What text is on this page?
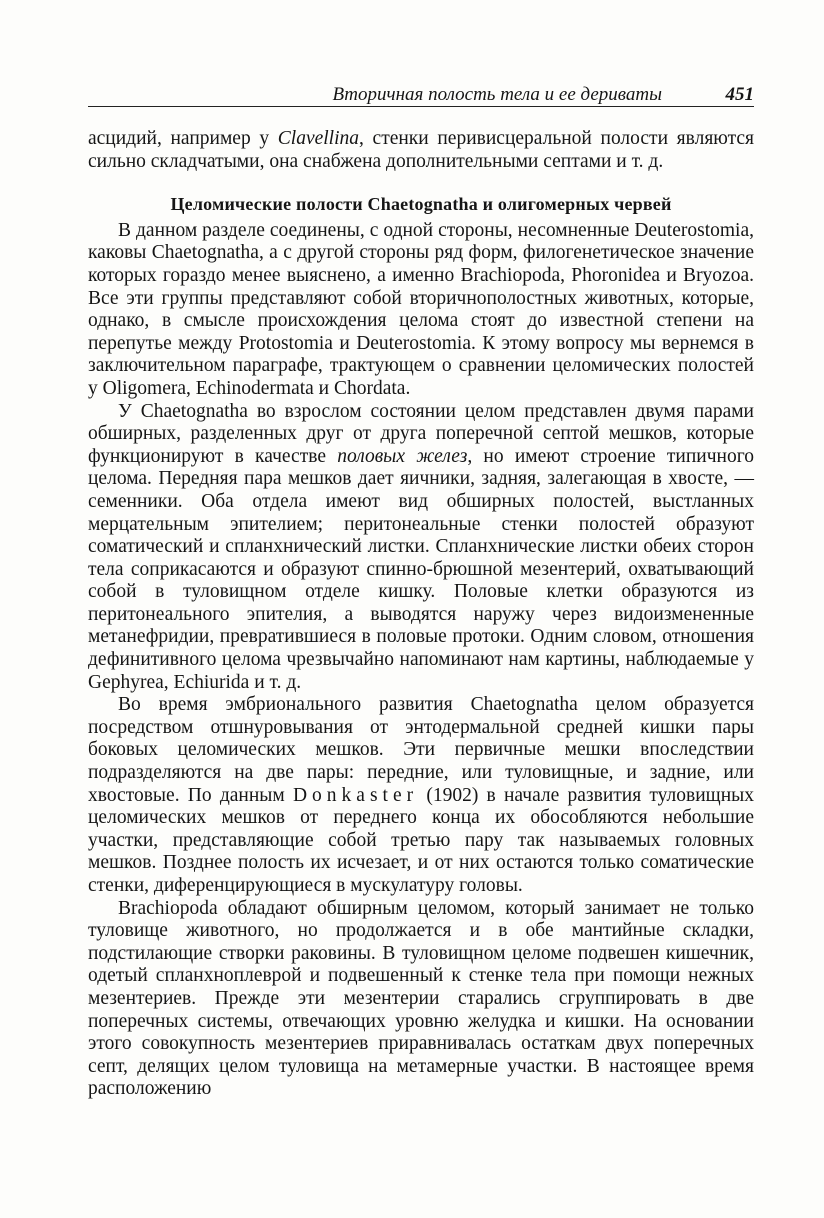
Вторичная полость тела и ее дериваты	451

асцидий, например у Clavellina, стенки перивисцеральной полости являются сильно складчатыми, она снабжена дополнительными септами и т. д.

Целомические полости Chaetognatha и олигомерных червей

В данном разделе соединены, с одной стороны, несомненные Deuterostomia, каковы Chaetognatha, а с другой стороны ряд форм, филогенетическое значение которых гораздо менее выяснено, а именно Brachiopoda, Phoronidea и Bryozoa. Все эти группы представляют собой вторичнополостных животных, которые, однако, в смысле происхождения целома стоят до известной степени на перепутье между Protostomia и Deuterostomia. К этому вопросу мы вернемся в заключительном параграфе, трактующем о сравнении целомических полостей у Oligomera, Echinodermata и Chordata.

У Chaetognatha во взрослом состоянии целом представлен двумя парами обширных, разделенных друг от друга поперечной септой мешков, которые функционируют в качестве половых желез, но имеют строение типичного целома. Передняя пара мешков дает яичники, задняя, залегающая в хвосте, — семенники. Оба отдела имеют вид обширных полостей, выстланных мерцательным эпителием; перитонеальные стенки полостей образуют соматический и спланхнический листки. Спланхнические листки обеих сторон тела соприкасаются и образуют спинно-брюшной мезентерий, охватывающий собой в туловищном отделе кишку. Половые клетки образуются из перитонеального эпителия, а выводятся наружу через видоизмененные метанефридии, превратившиеся в половые протоки. Одним словом, отношения дефинитивного целома чрезвычайно напоминают нам картины, наблюдаемые у Gephyrea, Echiurida и т. д.

Во время эмбрионального развития Chaetognatha целом образуется посредством отшнуровывания от энтодермальной средней кишки пары боковых целомических мешков. Эти первичные мешки впоследствии подразделяются на две пары: передние, или туловищные, и задние, или хвостовые. По данным Donkaster (1902) в начале развития туловищных целомических мешков от переднего конца их обособляются небольшие участки, представляющие собой третью пару так называемых головных мешков. Позднее полость их исчезает, и от них остаются только соматические стенки, диференцирующиеся в мускулатуру головы.

Brachiopoda обладают обширным целомом, который занимает не только туловище животного, но продолжается и в обе мантийные складки, подстилающие створки раковины. В туловищном целоме подвешен кишечник, одетый спланхноплеврой и подвешенный к стенке тела при помощи нежных мезентериев. Прежде эти мезентерии старались сгруппировать в две поперечных системы, отвечающих уровню желудка и кишки. На основании этого совокупность мезентериев приравнивалась остаткам двух поперечных септ, делящих целом туловища на метамерные участки. В настоящее время расположению
